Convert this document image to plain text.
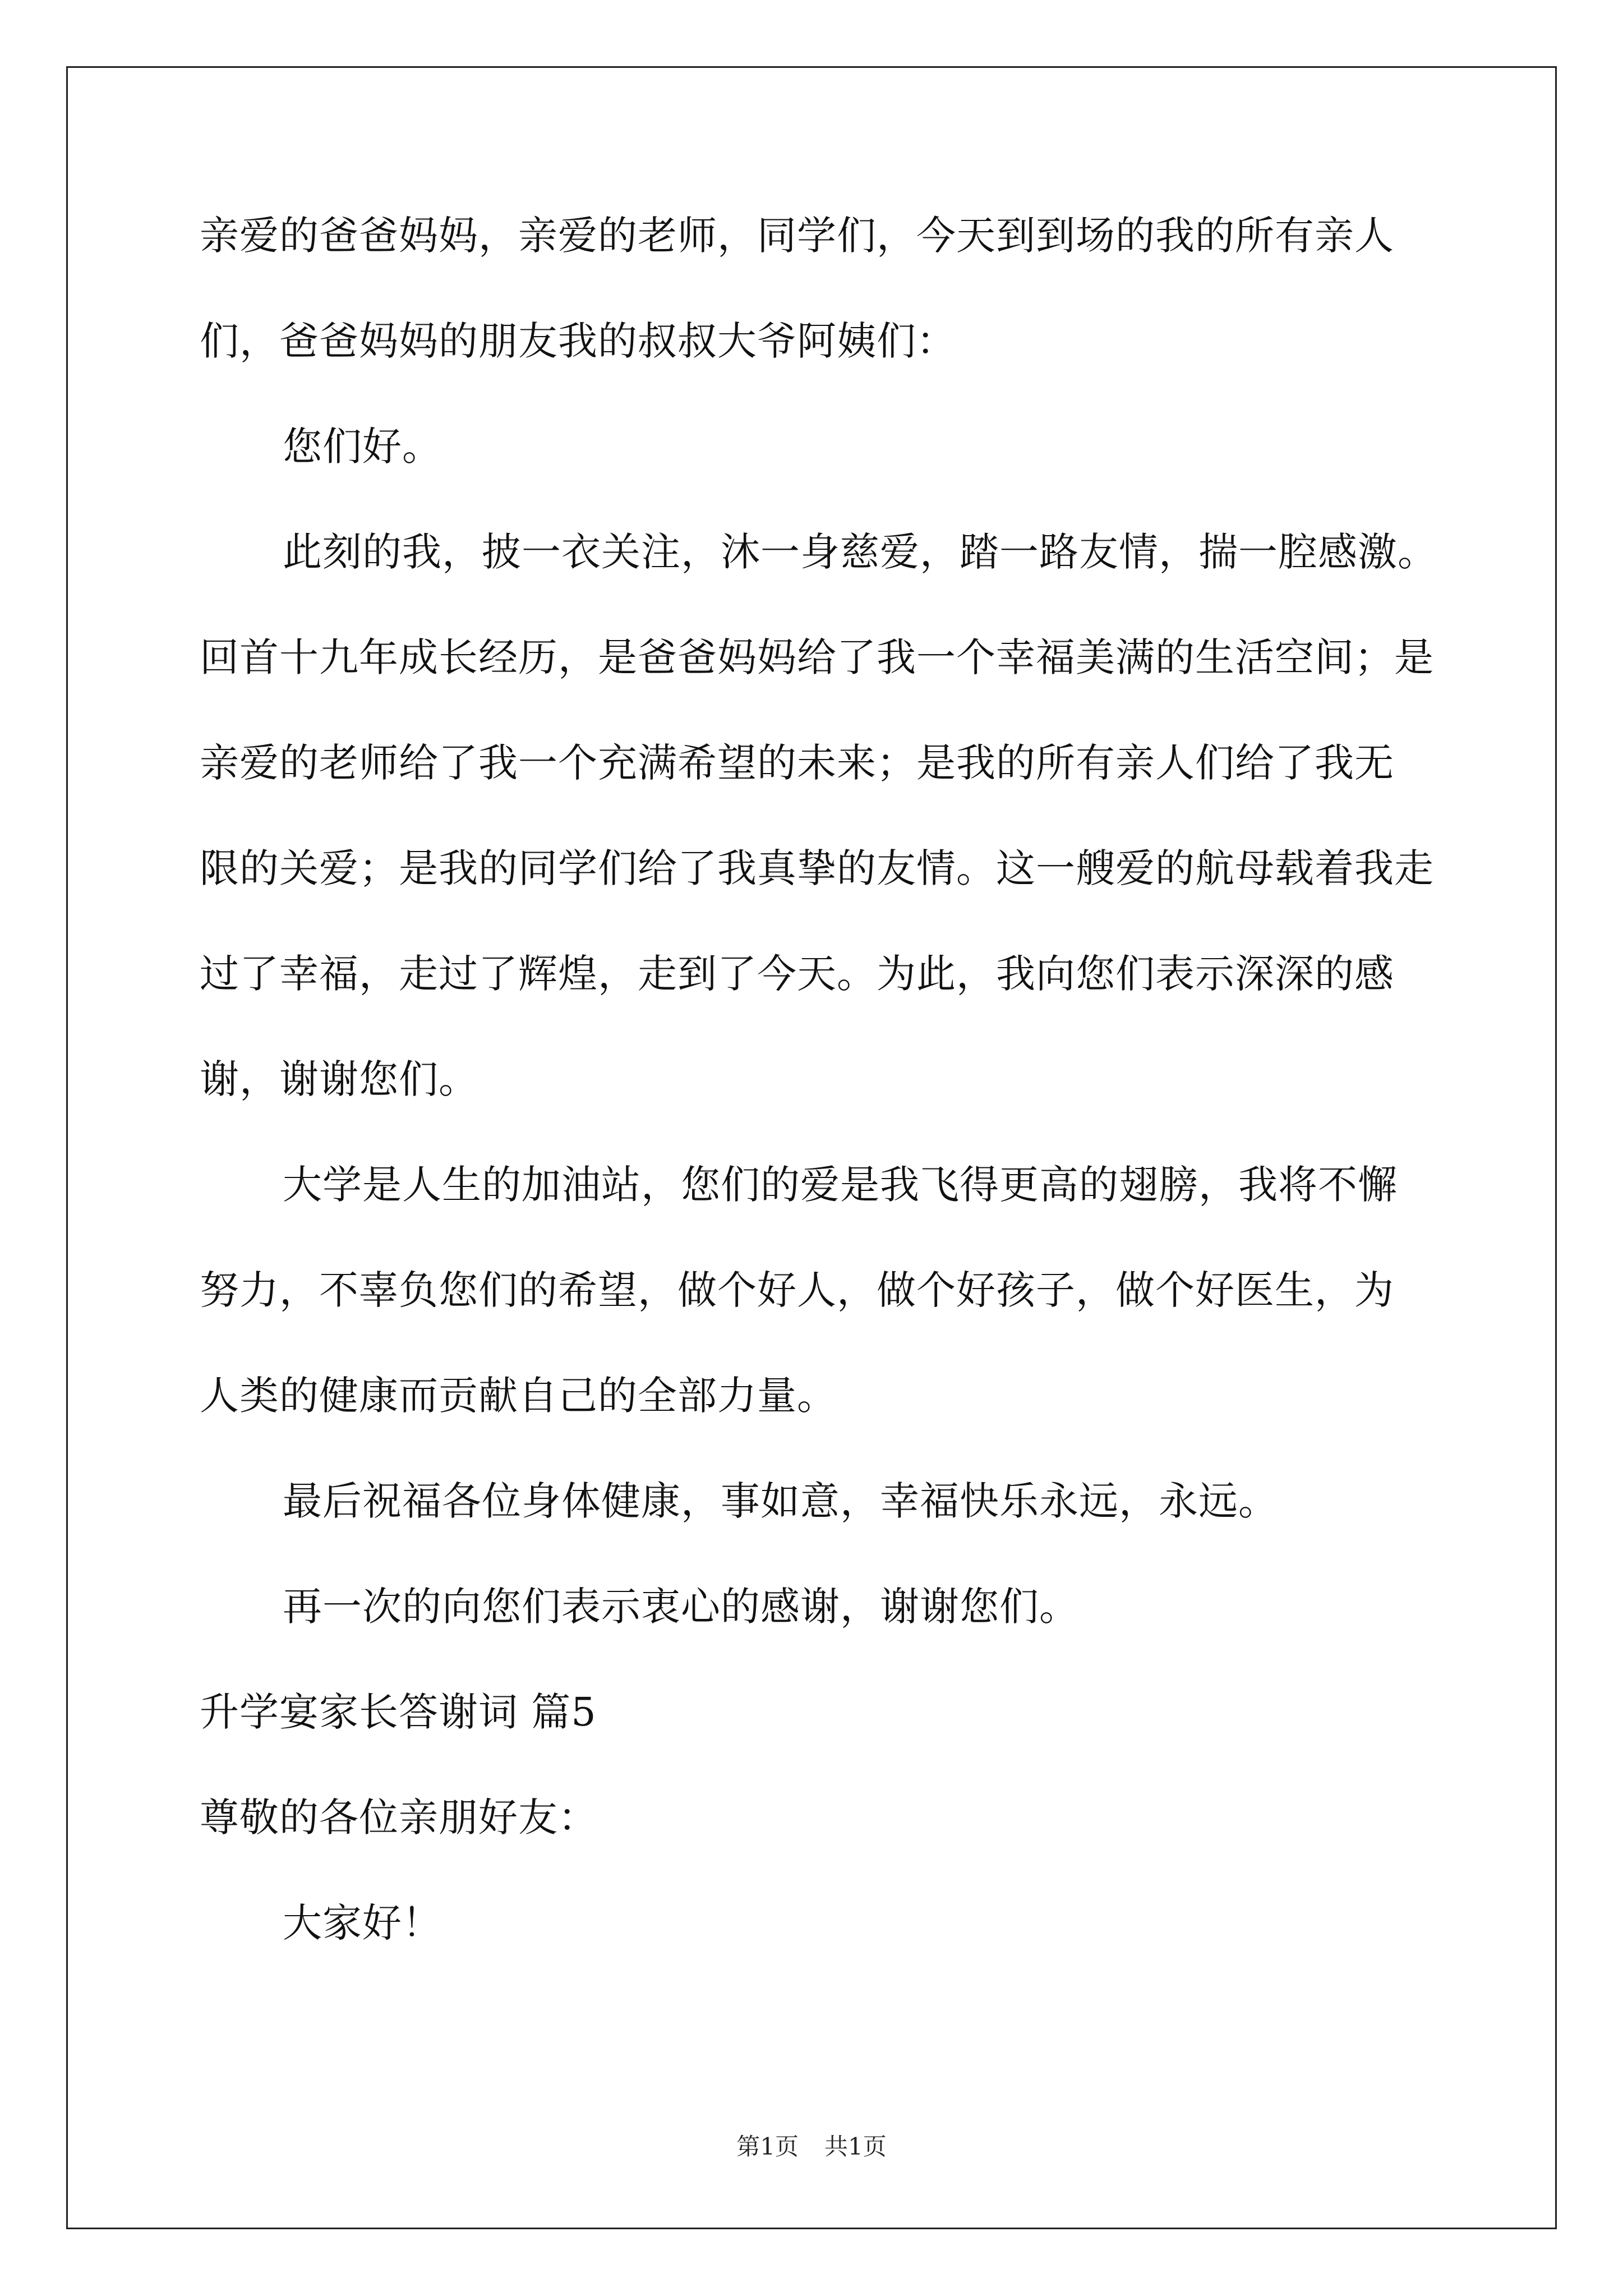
亲爱的爸爸妈妈，亲爱的老师，同学们，今天到到场的我的所有亲人
们，爸爸妈妈的朋友我的叔叔大爷阿姨们：
您们好。
此刻的我，披一衣关注，沐一身慈爱，踏一路友情，揣一腔感激。
回首十九年成长经历，是爸爸妈妈给了我一个幸福美满的生活空间；是
亲爱的老师给了我一个充满希望的未来；是我的所有亲人们给了我无
限的关爱；是我的同学们给了我真挚的友情。这一艘爱的航母载着我走
过了幸福，走过了辉煌，走到了今天。为此，我向您们表示深深的感
谢，谢谢您们。
大学是人生的加油站，您们的爱是我飞得更高的翅膀，我将不懈
努力，不辜负您们的希望，做个好人，做个好孩子，做个好医生，为
人类的健康而贡献自己的全部力量。
最后祝福各位身体健康，事如意，幸福快乐永远，永远。
再一次的向您们表示衷心的感谢，谢谢您们。
升学宴家长答谢词 篇5
尊敬的各位亲朋好友：
大家好！
第1页 共1页
